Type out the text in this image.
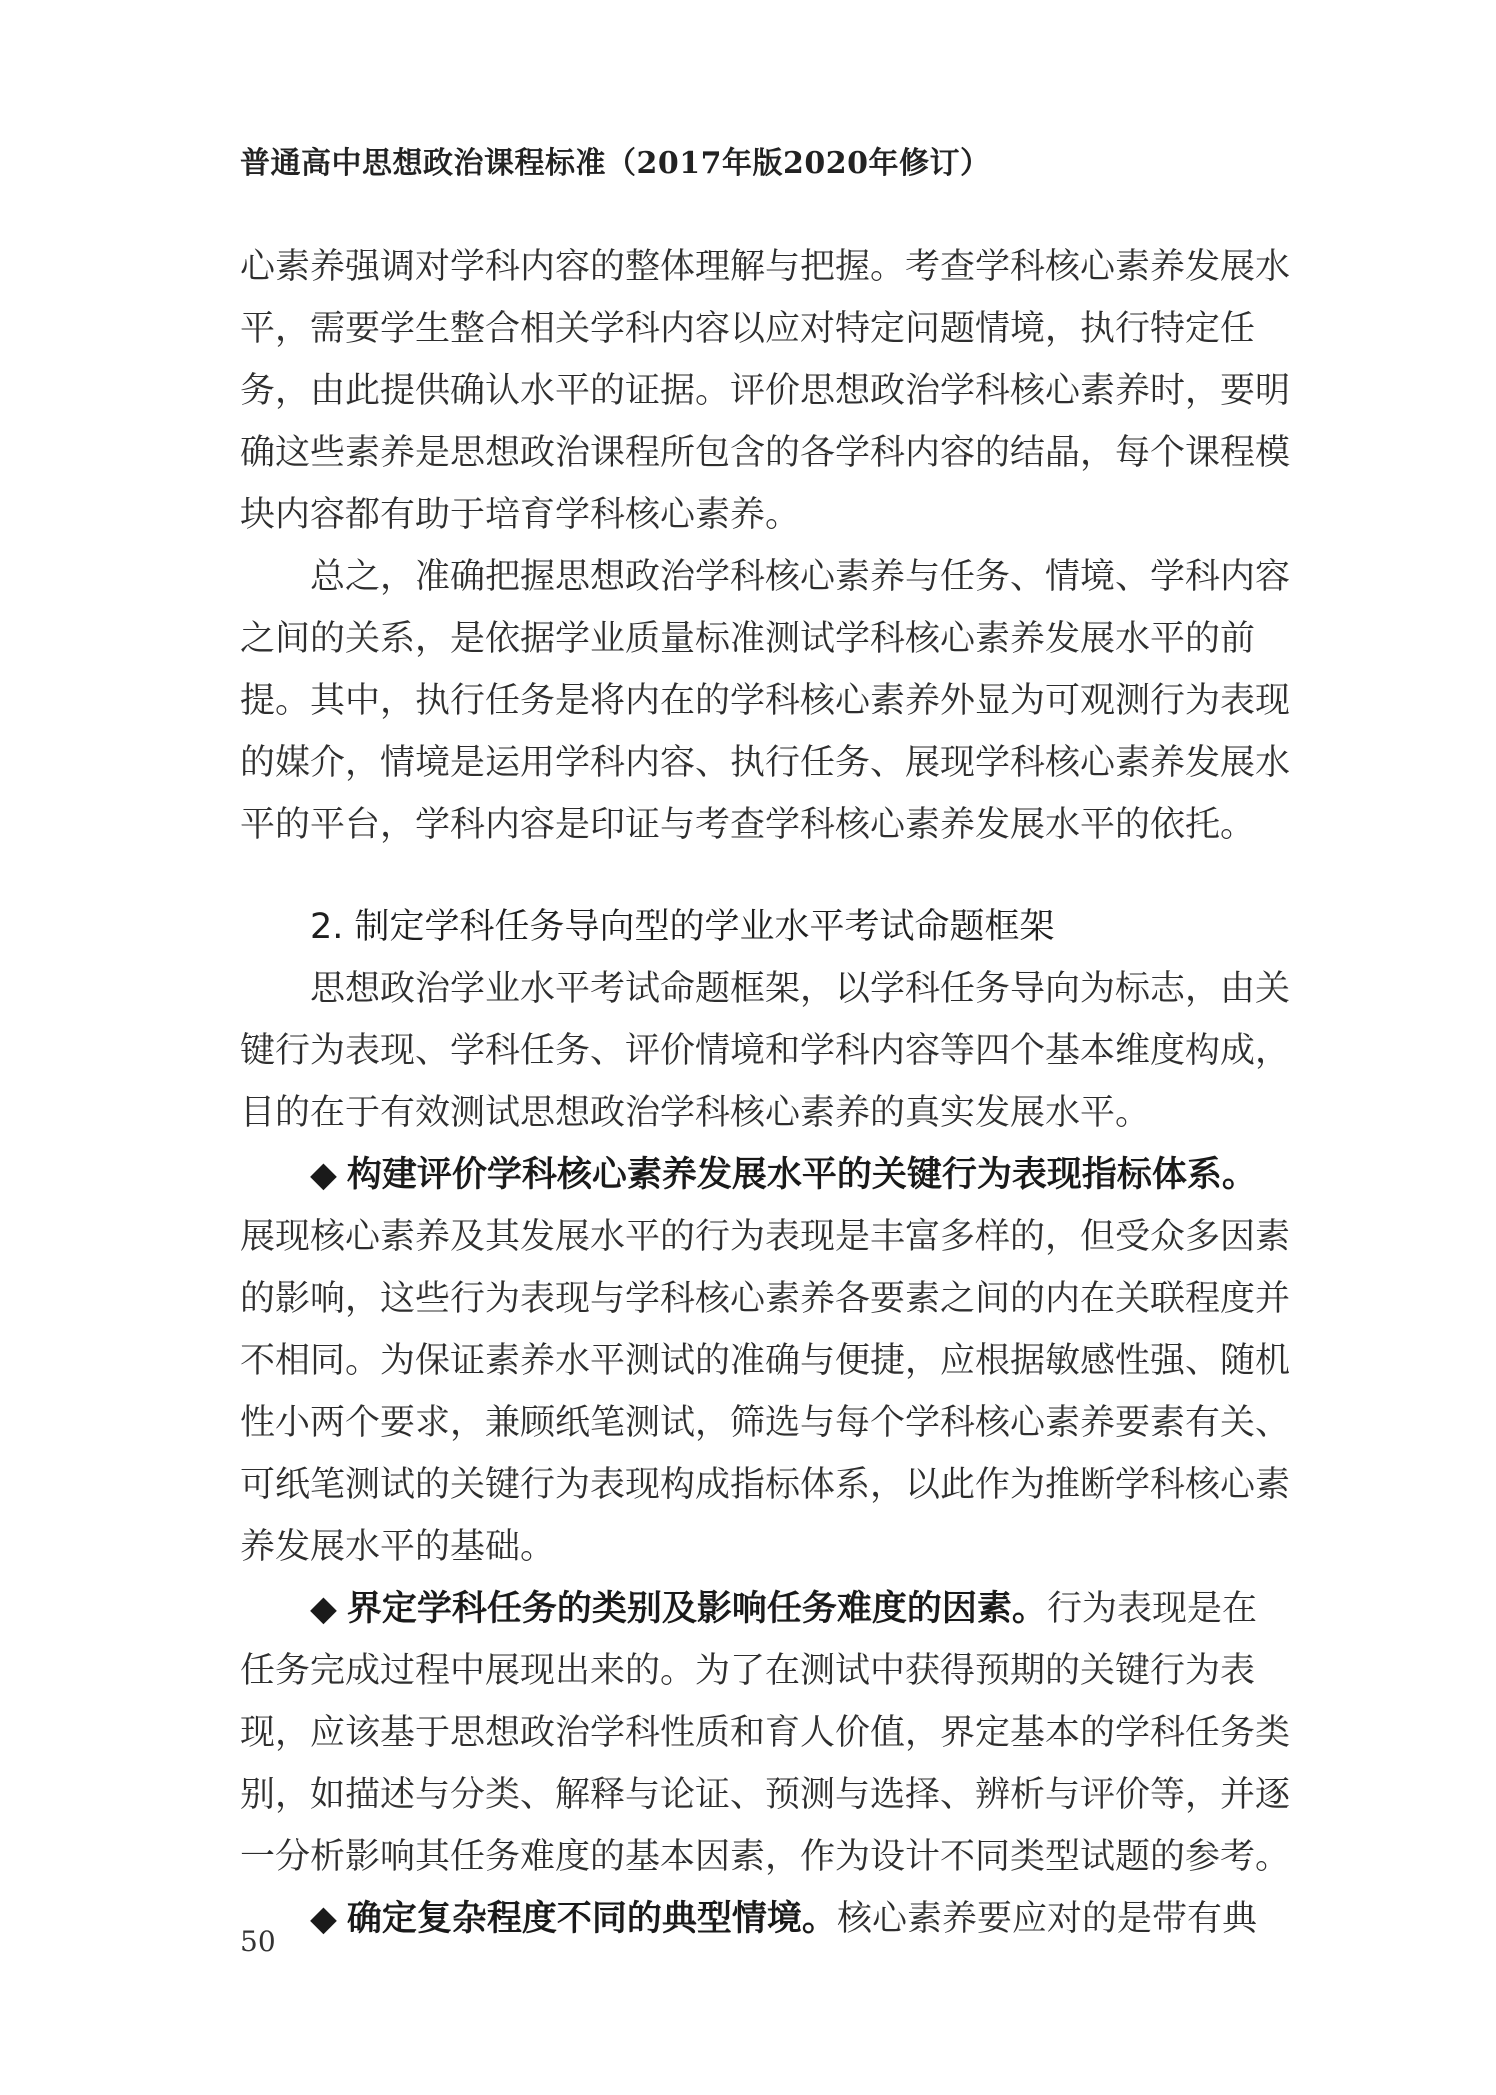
普通高中思想政治课程标准（2017年版2020年修订）
心素养强调对学科内容的整体理解与把握。考查学科核心素养发展水
平，需要学生整合相关学科内容以应对特定问题情境，执行特定任
务，由此提供确认水平的证据。评价思想政治学科核心素养时，要明
确这些素养是思想政治课程所包含的各学科内容的结晶，每个课程模
块内容都有助于培育学科核心素养。
总之，准确把握思想政治学科核心素养与任务、情境、学科内容
之间的关系，是依据学业质量标准测试学科核心素养发展水平的前
提。其中，执行任务是将内在的学科核心素养外显为可观测行为表现
的媒介，情境是运用学科内容、执行任务、展现学科核心素养发展水
平的平台，学科内容是印证与考查学科核心素养发展水平的依托。
2. 制定学科任务导向型的学业水平考试命题框架
思想政治学业水平考试命题框架，以学科任务导向为标志，由关
键行为表现、学科任务、评价情境和学科内容等四个基本维度构成，
目的在于有效测试思想政治学科核心素养的真实发展水平。
◆ 构建评价学科核心素养发展水平的关键行为表现指标体系。
展现核心素养及其发展水平的行为表现是丰富多样的，但受众多因素
的影响，这些行为表现与学科核心素养各要素之间的内在关联程度并
不相同。为保证素养水平测试的准确与便捷，应根据敏感性强、随机
性小两个要求，兼顾纸笔测试，筛选与每个学科核心素养要素有关、
可纸笔测试的关键行为表现构成指标体系，以此作为推断学科核心素
养发展水平的基础。
◆ 界定学科任务的类别及影响任务难度的因素。行为表现是在
任务完成过程中展现出来的。为了在测试中获得预期的关键行为表
现，应该基于思想政治学科性质和育人价值，界定基本的学科任务类
别，如描述与分类、解释与论证、预测与选择、辨析与评价等，并逐
一分析影响其任务难度的基本因素，作为设计不同类型试题的参考。
◆ 确定复杂程度不同的典型情境。核心素养要应对的是带有典
50
